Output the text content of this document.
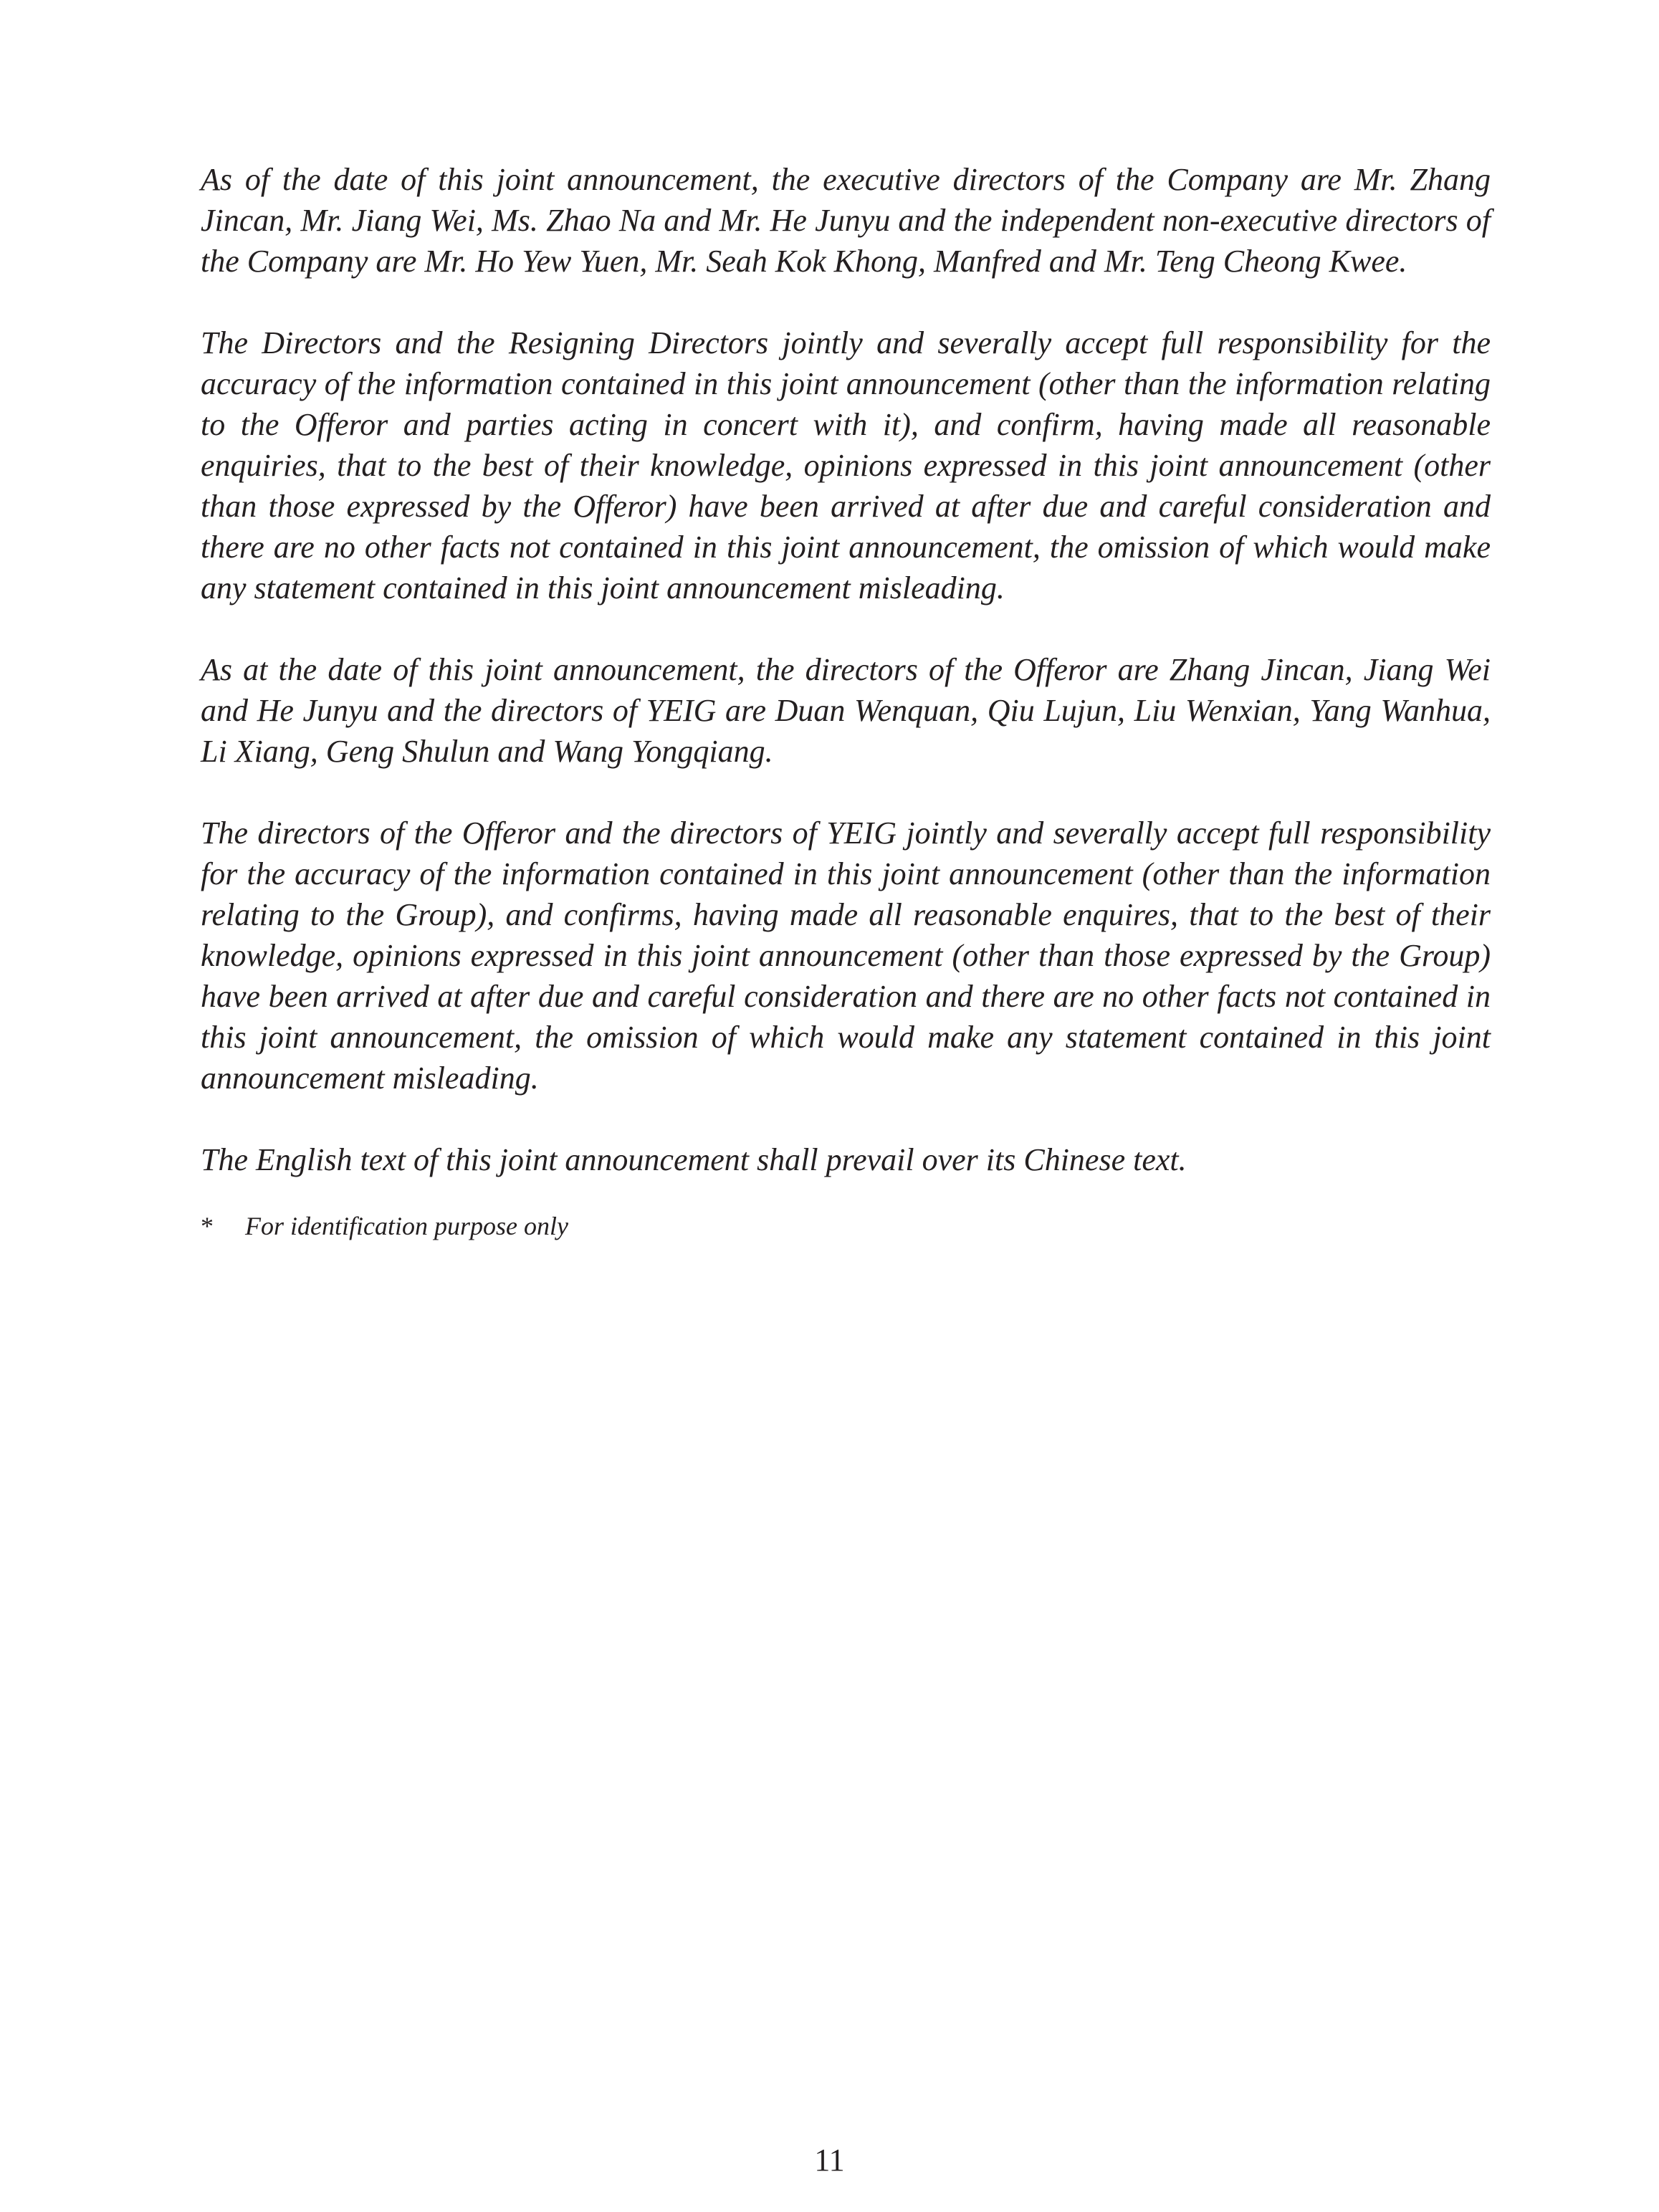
As of the date of this joint announcement, the executive directors of the Company are Mr. Zhang Jincan, Mr. Jiang Wei, Ms. Zhao Na and Mr. He Junyu and the independent non-executive directors of the Company are Mr. Ho Yew Yuen, Mr. Seah Kok Khong, Manfred and Mr. Teng Cheong Kwee.

The Directors and the Resigning Directors jointly and severally accept full responsibility for the accuracy of the information contained in this joint announcement (other than the information relating to the Offeror and parties acting in concert with it), and confirm, having made all reasonable enquiries, that to the best of their knowledge, opinions expressed in this joint announcement (other than those expressed by the Offeror) have been arrived at after due and careful consideration and there are no other facts not contained in this joint announcement, the omission of which would make any statement contained in this joint announcement misleading.

As at the date of this joint announcement, the directors of the Offeror are Zhang Jincan, Jiang Wei and He Junyu and the directors of YEIG are Duan Wenquan, Qiu Lujun, Liu Wenxian, Yang Wanhua, Li Xiang, Geng Shulun and Wang Yongqiang.

The directors of the Offeror and the directors of YEIG jointly and severally accept full responsibility for the accuracy of the information contained in this joint announcement (other than the information relating to the Group), and confirms, having made all reasonable enquires, that to the best of their knowledge, opinions expressed in this joint announcement (other than those expressed by the Group) have been arrived at after due and careful consideration and there are no other facts not contained in this joint announcement, the omission of which would make any statement contained in this joint announcement misleading.

The English text of this joint announcement shall prevail over its Chinese text.

*	For identification purpose only
11
